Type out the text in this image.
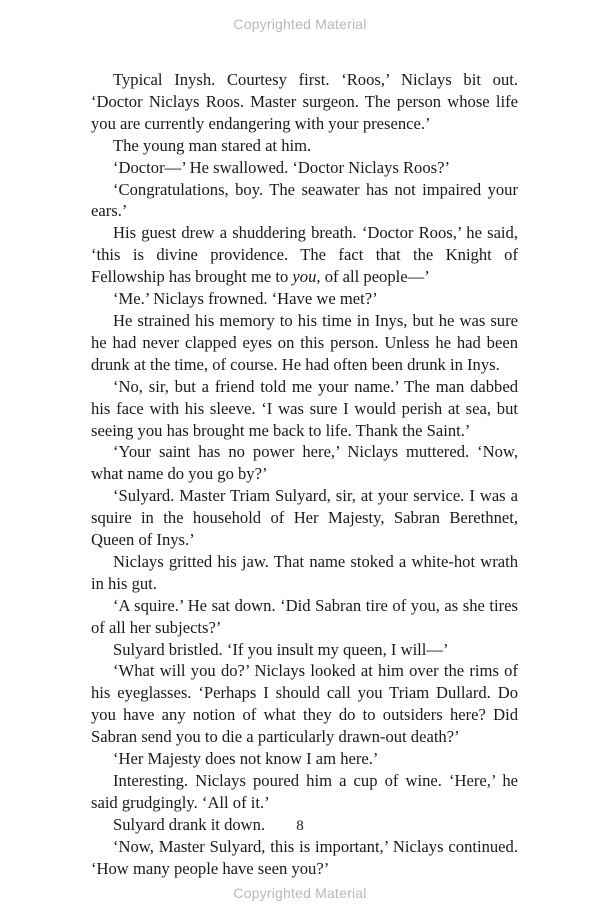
Copyrighted Material

Typical Inysh. Courtesy first. ‘Roos,’ Niclays bit out. ‘Doctor Niclays Roos. Master surgeon. The person whose life you are currently endangering with your presence.’

The young man stared at him.

‘Doctor—’ He swallowed. ‘Doctor Niclays Roos?’

‘Congratulations, boy. The seawater has not impaired your ears.’

His guest drew a shuddering breath. ‘Doctor Roos,’ he said, ‘this is divine providence. The fact that the Knight of Fellowship has brought me to you, of all people—’

‘Me.’ Niclays frowned. ‘Have we met?’

He strained his memory to his time in Inys, but he was sure he had never clapped eyes on this person. Unless he had been drunk at the time, of course. He had often been drunk in Inys.

‘No, sir, but a friend told me your name.’ The man dabbed his face with his sleeve. ‘I was sure I would perish at sea, but seeing you has brought me back to life. Thank the Saint.’

‘Your saint has no power here,’ Niclays muttered. ‘Now, what name do you go by?’

‘Sulyard. Master Triam Sulyard, sir, at your service. I was a squire in the household of Her Majesty, Sabran Berethnet, Queen of Inys.’

Niclays gritted his jaw. That name stoked a white-hot wrath in his gut.

‘A squire.’ He sat down. ‘Did Sabran tire of you, as she tires of all her subjects?’

Sulyard bristled. ‘If you insult my queen, I will—’

‘What will you do?’ Niclays looked at him over the rims of his eyeglasses. ‘Perhaps I should call you Triam Dullard. Do you have any notion of what they do to outsiders here? Did Sabran send you to die a particularly drawn-out death?’

‘Her Majesty does not know I am here.’

Interesting. Niclays poured him a cup of wine. ‘Here,’ he said grudgingly. ‘All of it.’

Sulyard drank it down.

‘Now, Master Sulyard, this is important,’ Niclays continued. ‘How many people have seen you?’

8
Copyrighted Material
